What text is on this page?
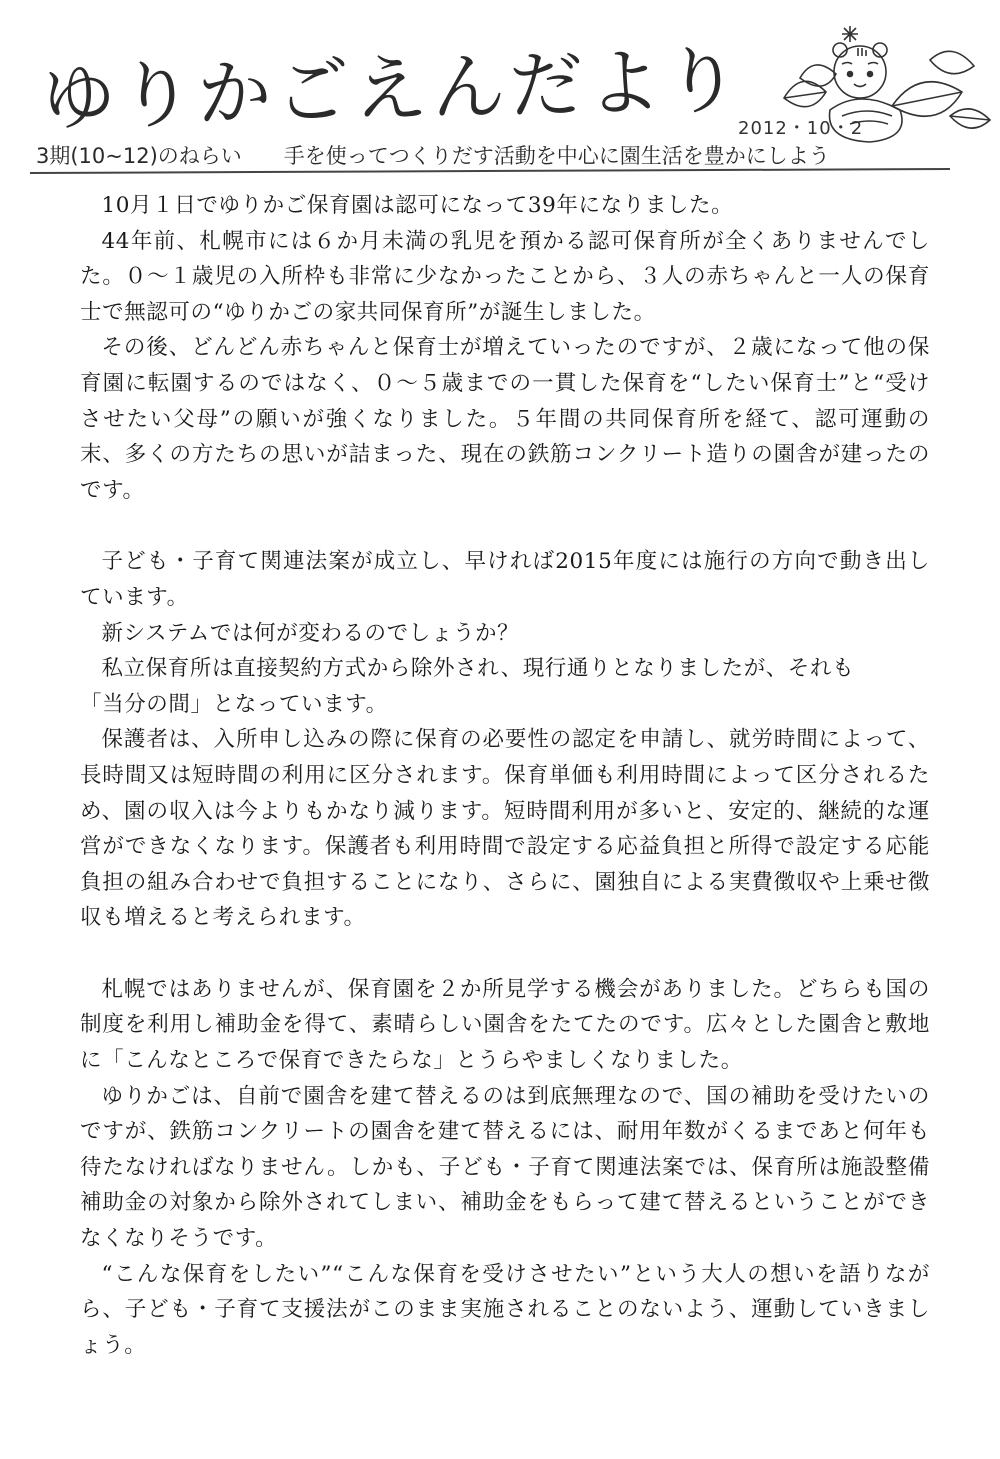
ゆりかごえんだより
2012・10・2
3期(10~12)のねらい 手を使ってつくりだす活動を中心に園生活を豊かにしよう

10月１日でゆりかご保育園は認可になって39年になりました。

44年前、札幌市には６か月未満の乳児を預かる認可保育所が全くありませんでした。０～１歳児の入所枠も非常に少なかったことから、３人の赤ちゃんと一人の保育士で無認可の“ゆりかごの家共同保育所”が誕生しました。

その後、どんどん赤ちゃんと保育士が増えていったのですが、２歳になって他の保育園に転園するのではなく、０～５歳までの一貫した保育を“したい保育士”と“受けさせたい父母”の願いが強くなりました。５年間の共同保育所を経て、認可運動の末、多くの方たちの思いが詰まった、現在の鉄筋コンクリート造りの園舎が建ったのです。

子ども・子育て関連法案が成立し、早ければ2015年度には施行の方向で動き出しています。

新システムでは何が変わるのでしょうか？

私立保育所は直接契約方式から除外され、現行通りとなりましたが、それも

「当分の間」となっています。

保護者は、入所申し込みの際に保育の必要性の認定を申請し、就労時間によって、長時間又は短時間の利用に区分されます。保育単価も利用時間によって区分されるため、園の収入は今よりもかなり減ります。短時間利用が多いと、安定的、継続的な運営ができなくなります。保護者も利用時間で設定する応益負担と所得で設定する応能負担の組み合わせで負担することになり、さらに、園独自による実費徴収や上乗せ徴収も増えると考えられます。

札幌ではありませんが、保育園を２か所見学する機会がありました。どちらも国の制度を利用し補助金を得て、素晴らしい園舎をたてたのです。広々とした園舎と敷地に「こんなところで保育できたらな」とうらやましくなりました。

ゆりかごは、自前で園舎を建て替えるのは到底無理なので、国の補助を受けたいのですが、鉄筋コンクリートの園舎を建て替えるには、耐用年数がくるまであと何年も待たなければなりません。しかも、子ども・子育て関連法案では、保育所は施設整備補助金の対象から除外されてしまい、補助金をもらって建て替えるということができなくなりそうです。

“こんな保育をしたい”“こんな保育を受けさせたい”という大人の想いを語りながら、子ども・子育て支援法がこのまま実施されることのないよう、運動していきましょう。
